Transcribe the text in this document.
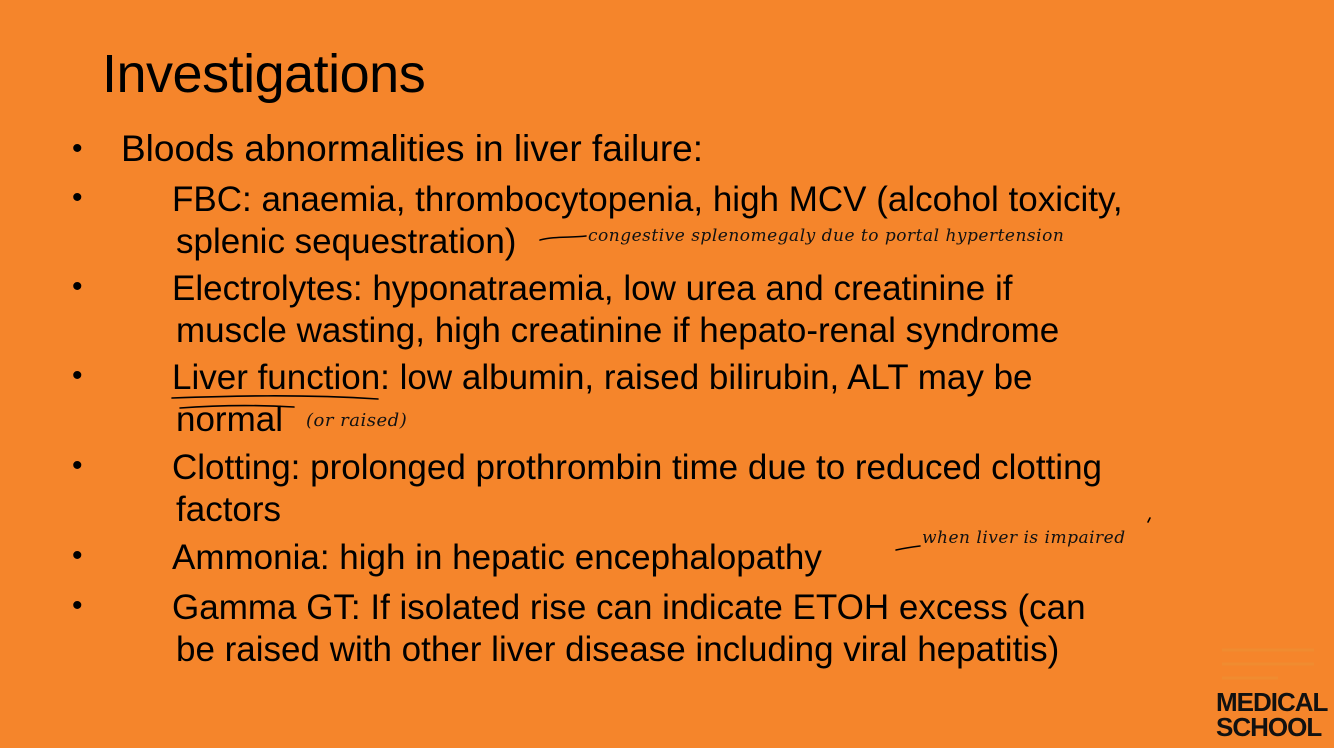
Investigations
• Bloods abnormalities in liver failure:
•	FBC: anaemia, thrombocytopenia, high MCV (alcohol toxicity,
splenic sequestration)	congestive splenomegaly due to portal hypertension
•	Electrolytes: hyponatraemia, low urea and creatinine if
muscle wasting, high creatinine if hepato-renal syndrome
•	Liver function: low albumin, raised bilirubin, ALT may be
normal (or raised)
•	Clotting: prolonged prothrombin time due to reduced clotting
factors
•	Ammonia: high in hepatic encephalopathy	when liver is impaired
•	Gamma GT: If isolated rise can indicate ETOH excess (can
be raised with other liver disease including viral hepatitis)
MEDICAL
SCHOOL
